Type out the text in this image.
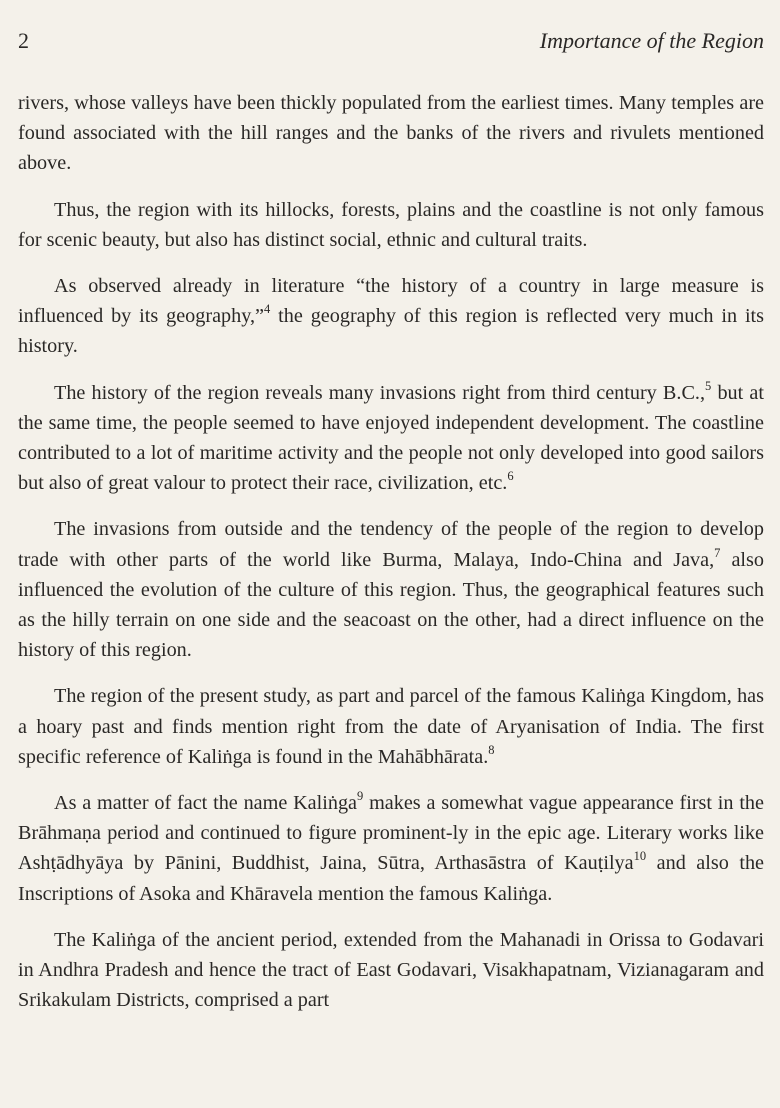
2	Importance of the Region

rivers, whose valleys have been thickly populated from the earliest times. Many temples are found associated with the hill ranges and the banks of the rivers and rivulets mentioned above.

Thus, the region with its hillocks, forests, plains and the coastline is not only famous for scenic beauty, but also has distinct social, ethnic and cultural traits.

As observed already in literature “the history of a country in large measure is influenced by its geography,”$^4$ the geography of this region is reflected very much in its history.

The history of the region reveals many invasions right from third century B.C.,$^5$ but at the same time, the people seemed to have enjoyed independent development. The coastline contributed to a lot of maritime activity and the people not only developed into good sailors but also of great valour to protect their race, civilization, etc.$^6$

The invasions from outside and the tendency of the people of the region to develop trade with other parts of the world like Burma, Malaya, Indo-China and Java,$^7$ also influenced the evolution of the culture of this region. Thus, the geographical features such as the hilly terrain on one side and the seacoast on the other, had a direct influence on the history of this region.

The region of the present study, as part and parcel of the famous Kaliṅga Kingdom, has a hoary past and finds mention right from the date of Aryanisation of India. The first specific reference of Kaliṅga is found in the Mahābhārata.$^8$

As a matter of fact the name Kaliṅga$^9$ makes a somewhat vague appearance first in the Brāhmaṇa period and continued to figure prominent-ly in the epic age. Literary works like Ashṭādhyāya by Pānini, Buddhist, Jaina, Sūtra, Arthasāstra of Kauṭilya$^{10}$ and also the Inscriptions of Asoka and Khāravela mention the famous Kaliṅga.

The Kaliṅga of the ancient period, extended from the Mahanadi in Orissa to Godavari in Andhra Pradesh and hence the tract of East Godavari, Visakhapatnam, Vizianagaram and Srikakulam Districts, comprised a part
